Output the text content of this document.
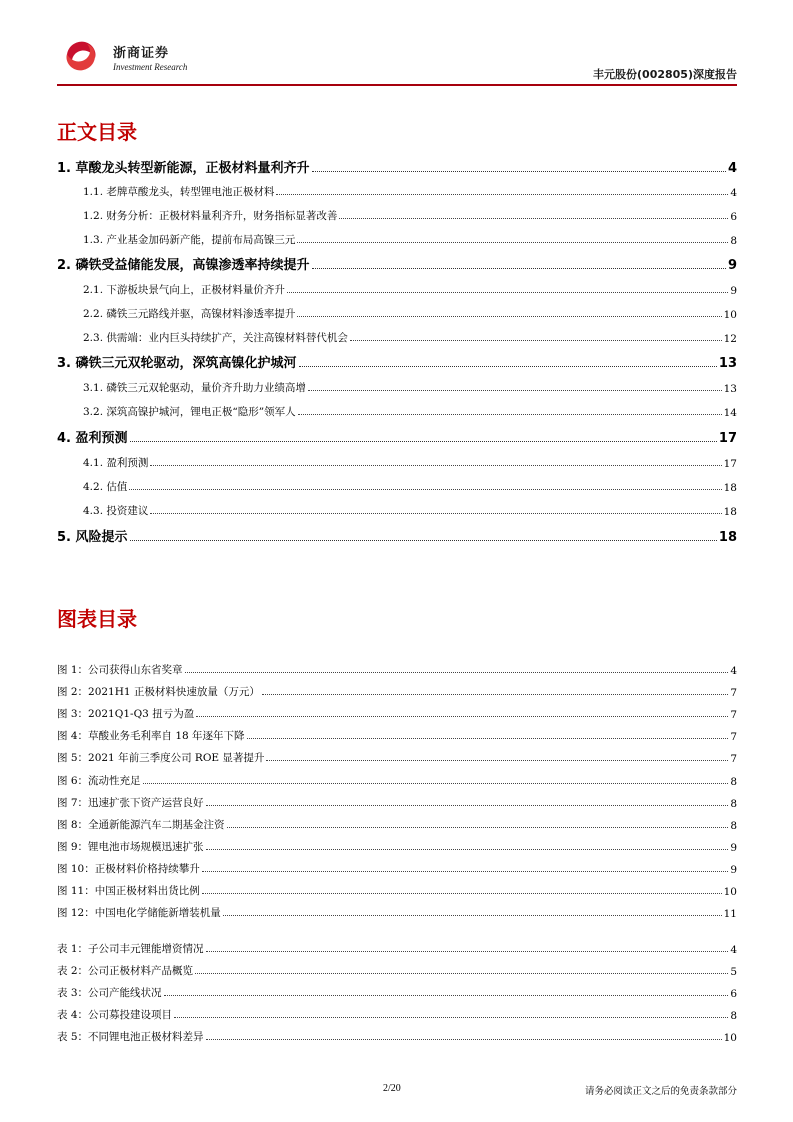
浙商证券
Investment Research
丰元股份(002805)深度报告
正文目录
1. 草酸龙头转型新能源，正极材料量利齐升	4
1.1. 老牌草酸龙头，转型锂电池正极材料	4
1.2. 财务分析：正极材料量利齐升，财务指标显著改善	6
1.3. 产业基金加码新产能，提前布局高镍三元	8
2. 磷铁受益储能发展，高镍渗透率持续提升	9
2.1. 下游板块景气向上，正极材料量价齐升	9
2.2. 磷铁三元路线并驱，高镍材料渗透率提升	10
2.3. 供需端：业内巨头持续扩产，关注高镍材料替代机会	12
3. 磷铁三元双轮驱动，深筑高镍化护城河	13
3.1. 磷铁三元双轮驱动，量价齐升助力业绩高增	13
3.2. 深筑高镍护城河，锂电正极“隐形”领军人	14
4. 盈利预测	17
4.1. 盈利预测	17
4.2. 估值	18
4.3. 投资建议	18
5. 风险提示	18
图表目录
图 1：公司获得山东省奖章	4
图 2：2021H1 正极材料快速放量（万元）	7
图 3：2021Q1-Q3 扭亏为盈	7
图 4：草酸业务毛利率自 18 年逐年下降	7
图 5：2021 年前三季度公司 ROE 显著提升	7
图 6：流动性充足	8
图 7：迅速扩张下资产运营良好	8
图 8：全通新能源汽车二期基金注资	8
图 9：锂电池市场规模迅速扩张	9
图 10：正极材料价格持续攀升	9
图 11：中国正极材料出货比例	10
图 12：中国电化学储能新增装机量	11
表 1：子公司丰元锂能增资情况	4
表 2：公司正极材料产品概览	5
表 3：公司产能线状况	6
表 4：公司募投建设项目	8
表 5：不同锂电池正极材料差异	10
2/20	请务必阅读正文之后的免责条款部分
